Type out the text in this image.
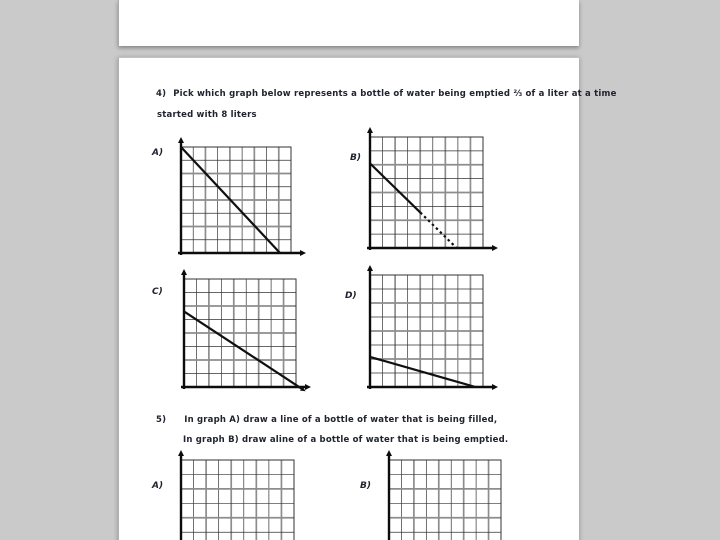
4) Pick which graph below represents a bottle of water being emptied ⅔ of a liter at a time
started with 8 liters
A)	B)
C)	D)
5) In graph A) draw a line of a bottle of water that is being filled,
In graph B) draw aline of a bottle of water that is being emptied.
A)	B)
